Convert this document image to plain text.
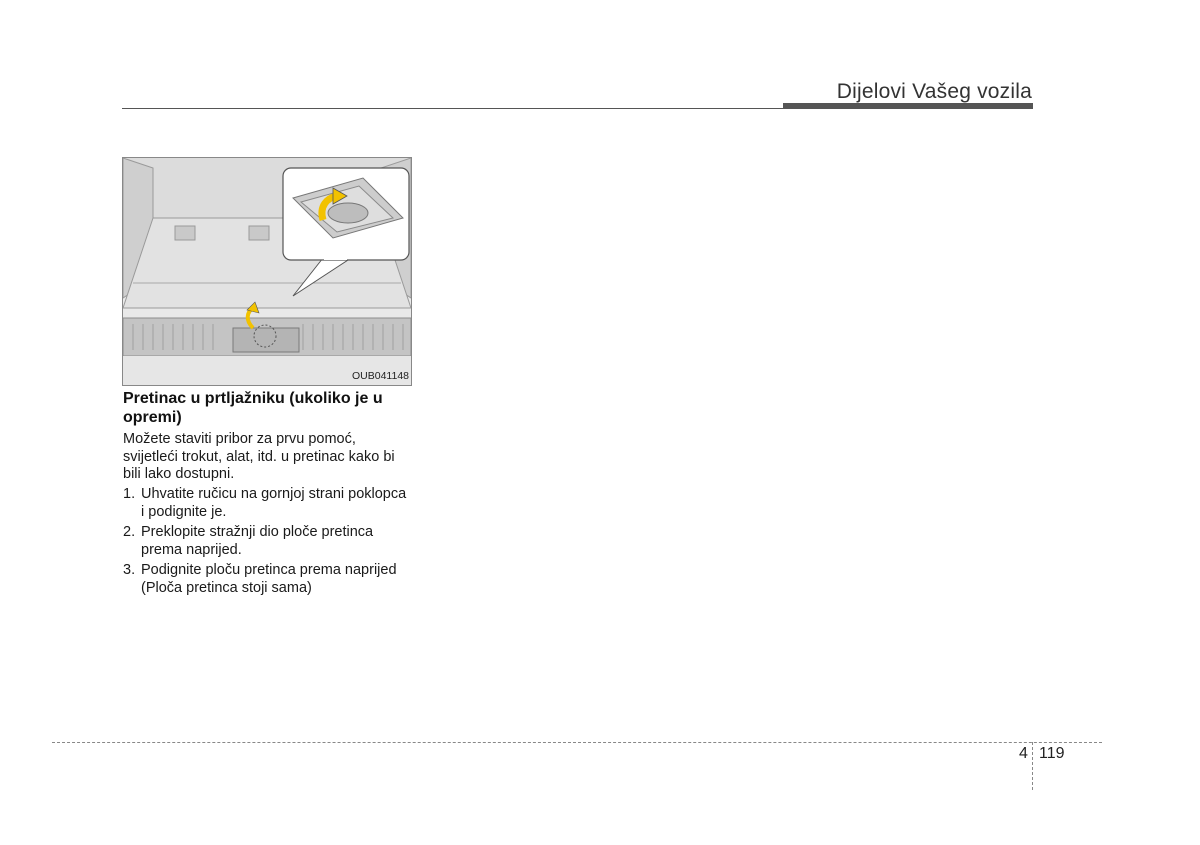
Dijelovi Vašeg vozila
OUB041148
Pretinac u prtljažniku (ukoliko je u opremi)
Možete staviti pribor za prvu pomoć, svijetleći trokut, alat, itd. u pretinac kako bi bili lako dostupni.
1. Uhvatite ručicu na gornjoj strani poklopca i podignite je.
2. Preklopite stražnji dio ploče pretinca prema naprijed.
3. Podignite ploču pretinca prema naprijed (Ploča pretinca stoji sama)
4 119
